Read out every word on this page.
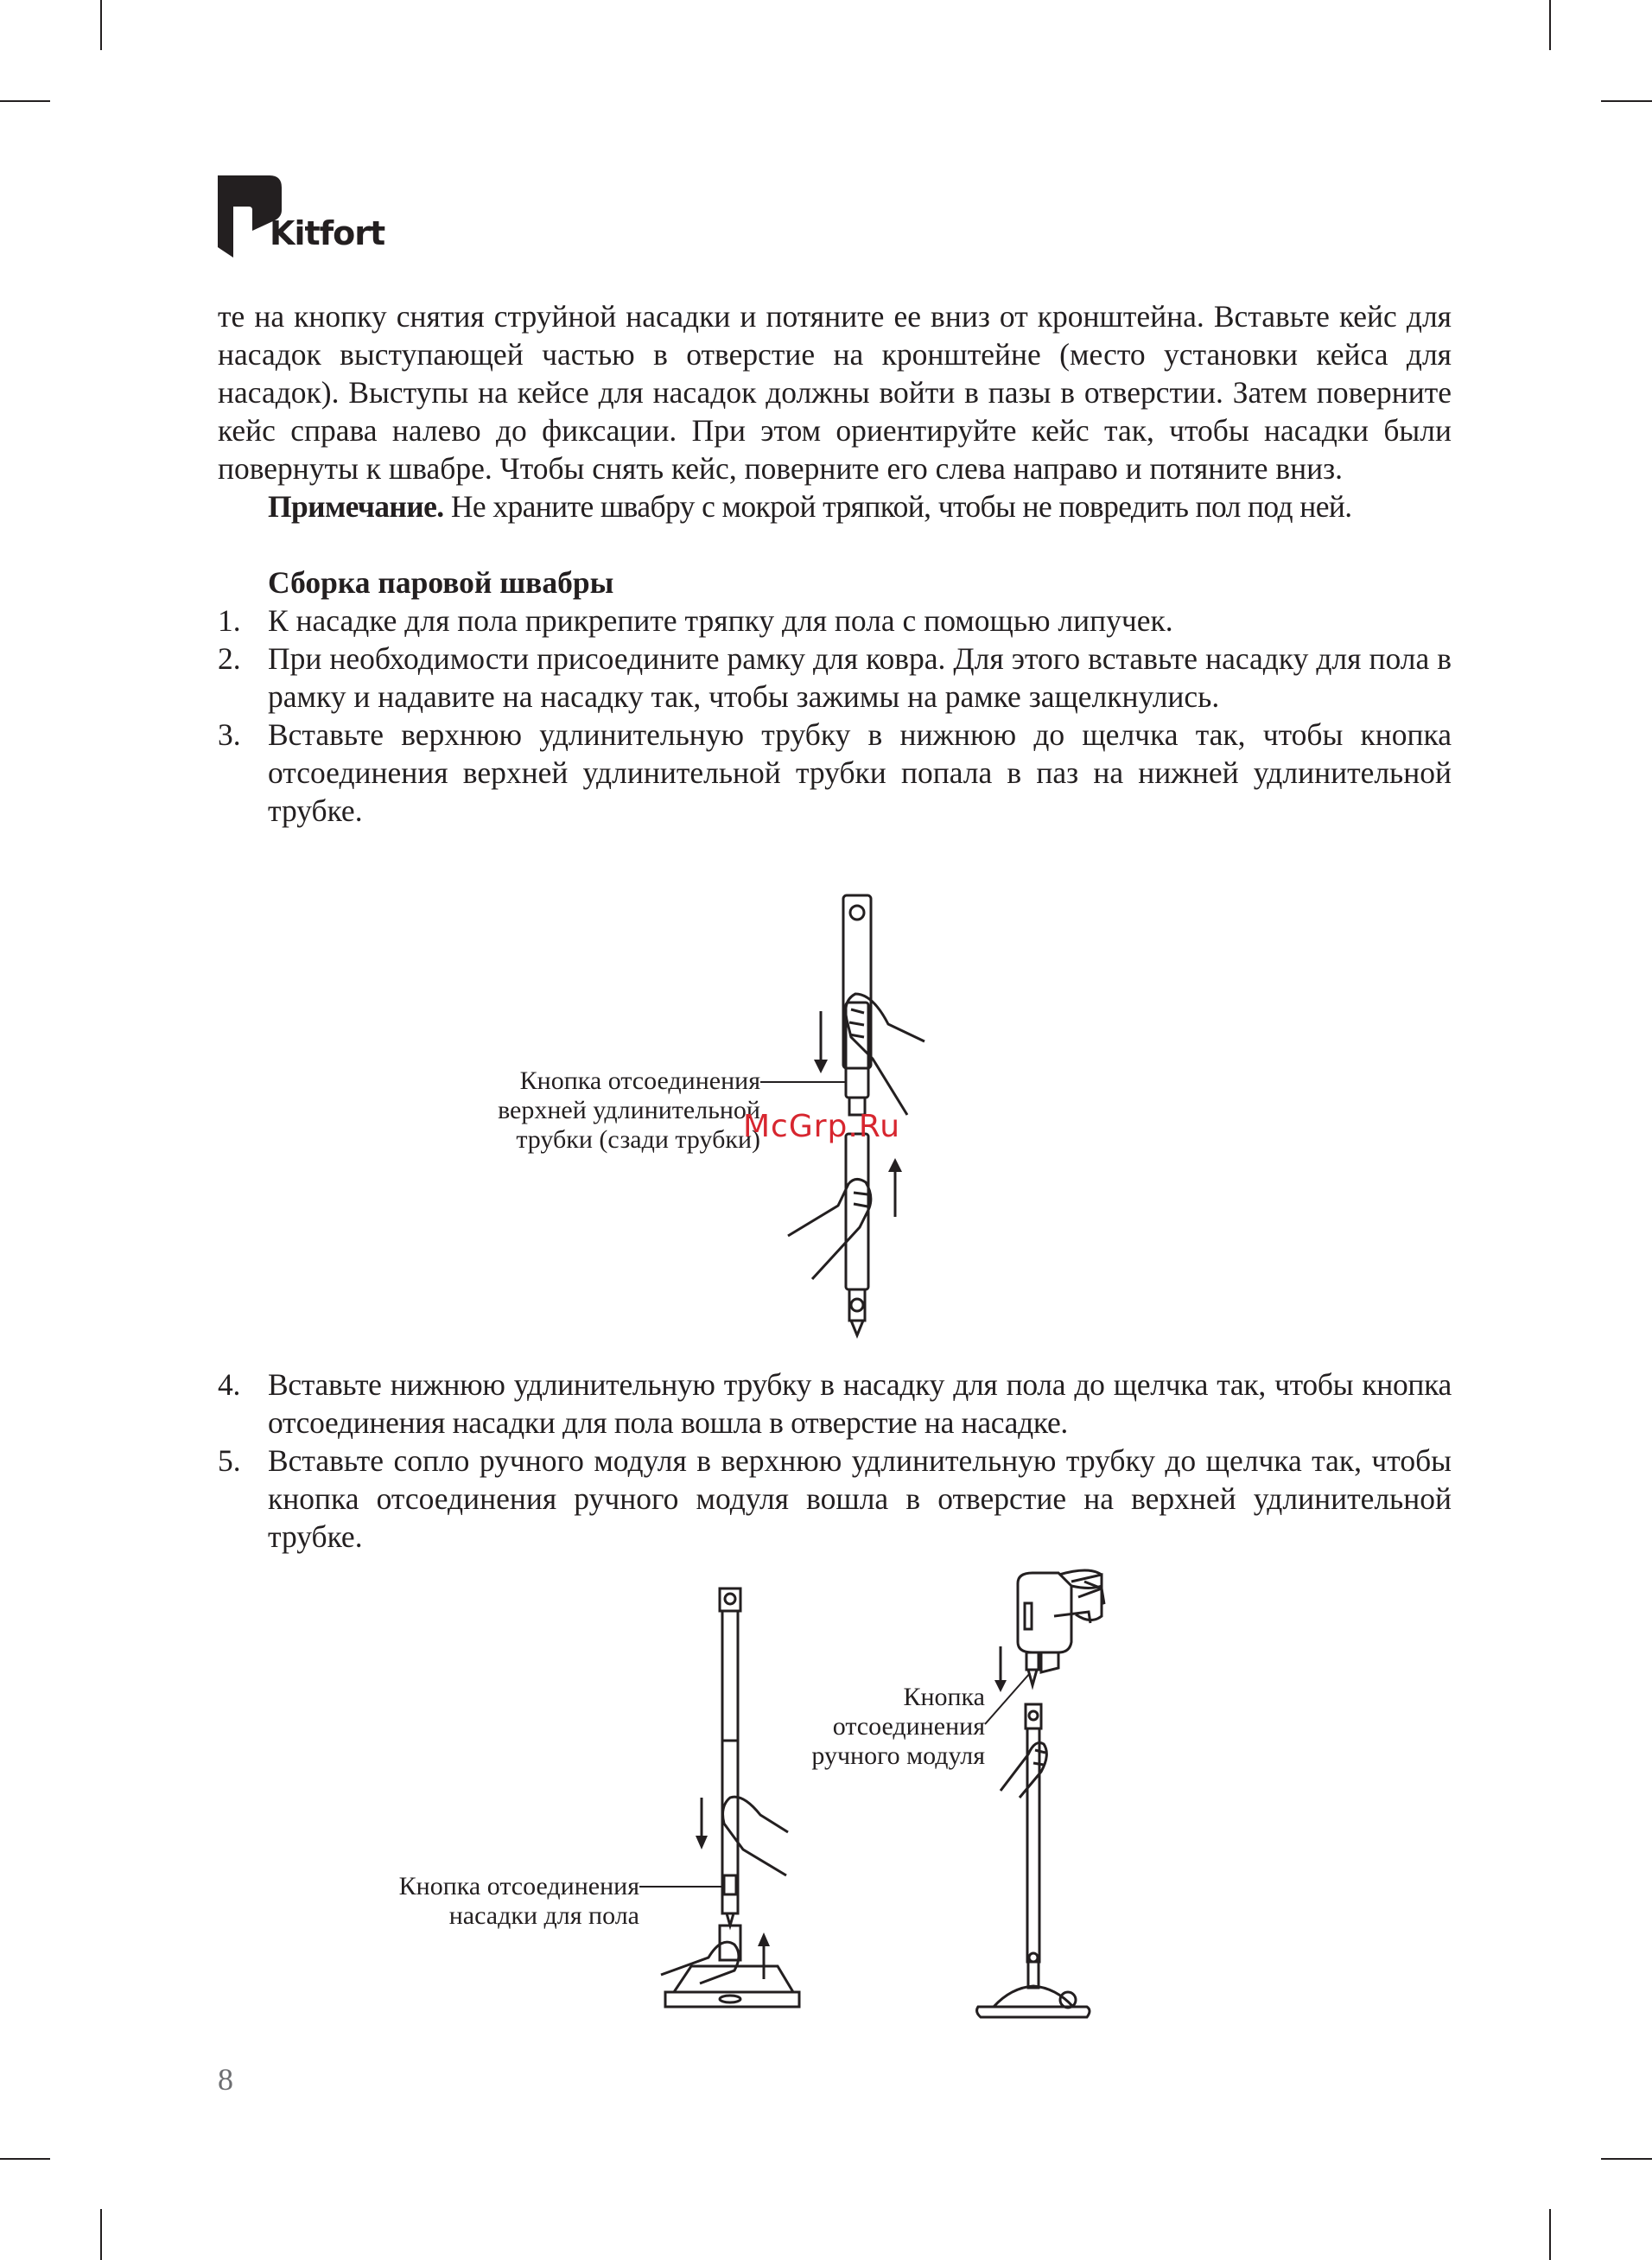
Kitfort

те на кнопку снятия струйной насадки и потяните ее вниз от кронштейна. Вставьте кейс для насадок выступающей частью в отверстие на кронштейне (место установки кейса для насадок). Выступы на кейсе для насадок должны войти в пазы в отверстии. Затем поверните кейс справа налево до фиксации. При этом ориентируйте кейс так, чтобы насадки были повернуты к швабре. Чтобы снять кейс, поверните его слева направо и потяните вниз.

Примечание. Не храните швабру с мокрой тряпкой, чтобы не повредить пол под ней.

Сборка паровой швабры

1. К насадке для пола прикрепите тряпку для пола с помощью липучек.
2. При необходимости присоедините рамку для ковра. Для этого вставьте насадку для пола в рамку и надавите на насадку так, чтобы зажимы на рамке защелкнулись.
3. Вставьте верхнюю удлинительную трубку в нижнюю до щелчка так, чтобы кнопка отсоединения верхней удлинительной трубки попала в паз на нижней удлинительной трубке.
Кнопка отсоединения
верхней удлинительной
трубки (сзади трубки)
McGrp.Ru
4. Вставьте нижнюю удлинительную трубку в насадку для пола до щелчка так, чтобы кнопка отсоединения насадки для пола вошла в отверстие на насадке.
5. Вставьте сопло ручного модуля в верхнюю удлинительную трубку до щелчка так, чтобы кнопка отсоединения ручного модуля вошла в отверстие на верхней удлинительной трубке.
Кнопка отсоединения
насадки для пола
Кнопка
отсоединения
ручного модуля
8
